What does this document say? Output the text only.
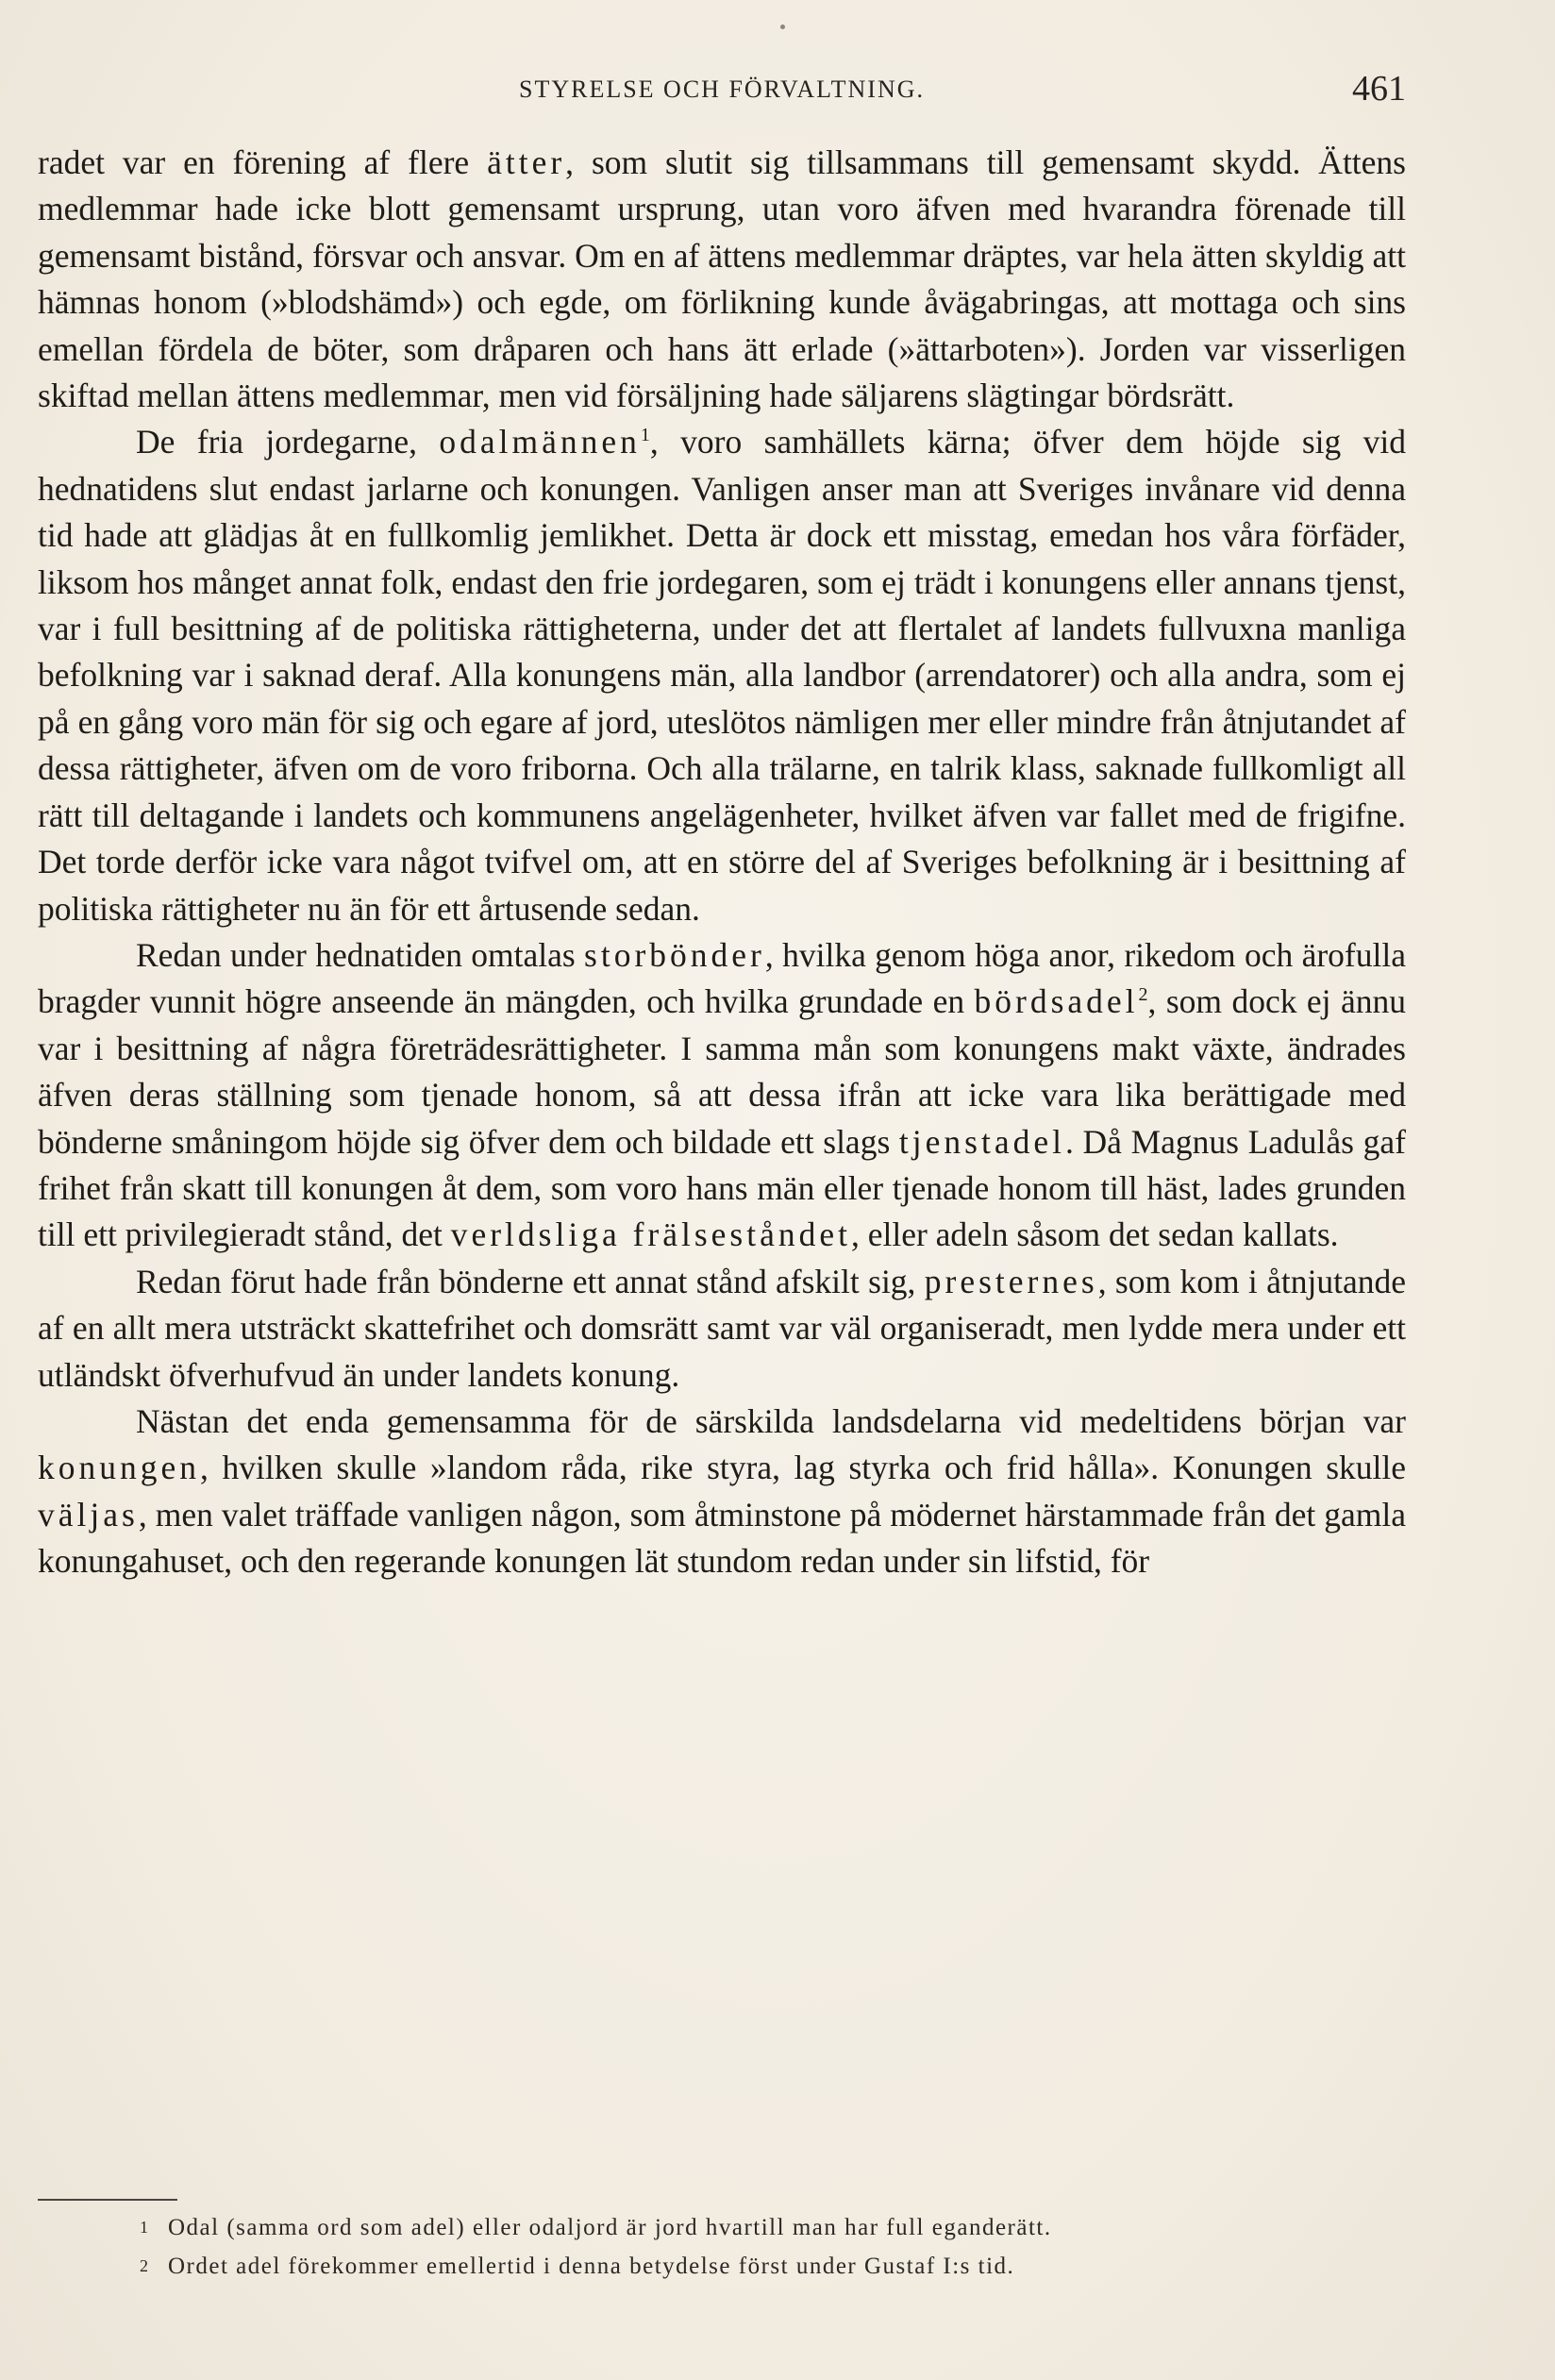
STYRELSE OCH FÖRVALTNING.	461

radet var en förening af flere ätter, som slutit sig tillsammans till gemensamt skydd. Ättens medlemmar hade icke blott gemensamt ursprung, utan voro äfven med hvarandra förenade till gemensamt bistånd, försvar och ansvar. Om en af ättens medlemmar dräptes, var hela ätten skyldig att hämnas honom (»blodshämd») och egde, om förlikning kunde åvägabringas, att mottaga och sins emellan fördela de böter, som dråparen och hans ätt erlade (»ättarboten»). Jorden var visserligen skiftad mellan ättens medlemmar, men vid försäljning hade säljarens slägtingar bördsrätt.

De fria jordegarne, odalmännen$^1$, voro samhällets kärna; öfver dem höjde sig vid hednatidens slut endast jarlarne och konungen. Vanligen anser man att Sveriges invånare vid denna tid hade att glädjas åt en fullkomlig jemlikhet. Detta är dock ett misstag, emedan hos våra förfäder, liksom hos månget annat folk, endast den frie jordegaren, som ej trädt i konungens eller annans tjenst, var i full besittning af de politiska rättigheterna, under det att flertalet af landets fullvuxna manliga befolkning var i saknad deraf. Alla konungens män, alla landbor (arrendatorer) och alla andra, som ej på en gång voro män för sig och egare af jord, uteslötos nämligen mer eller mindre från åtnjutandet af dessa rättigheter, äfven om de voro friborna. Och alla trälarne, en talrik klass, saknade fullkomligt all rätt till deltagande i landets och kommunens angelägenheter, hvilket äfven var fallet med de frigifne. Det torde derför icke vara något tvifvel om, att en större del af Sveriges befolkning är i besittning af politiska rättigheter nu än för ett årtusende sedan.

Redan under hednatiden omtalas storbönder, hvilka genom höga anor, rikedom och ärofulla bragder vunnit högre anseende än mängden, och hvilka grundade en bördsadel$^2$, som dock ej ännu var i besittning af några företrädesrättigheter. I samma mån som konungens makt växte, ändrades äfven deras ställning som tjenade honom, så att dessa ifrån att icke vara lika berättigade med bönderne småningom höjde sig öfver dem och bildade ett slags tjenstadel. Då Magnus Ladulås gaf frihet från skatt till konungen åt dem, som voro hans män eller tjenade honom till häst, lades grunden till ett privilegieradt stånd, det verldsliga frälseståndet, eller adeln såsom det sedan kallats.

Redan förut hade från bönderne ett annat stånd afskilt sig, presternes, som kom i åtnjutande af en allt mera utsträckt skattefrihet och domsrätt samt var väl organiseradt, men lydde mera under ett utländskt öfverhufvud än under landets konung.

Nästan det enda gemensamma för de särskilda landsdelarna vid medeltidens början var konungen, hvilken skulle »landom råda, rike styra, lag styrka och frid hålla». Konungen skulle väljas, men valet träffade vanligen någon, som åtminstone på mödernet härstammade från det gamla konungahuset, och den regerande konungen lät stundom redan under sin lifstid, för

1 Odal (samma ord som adel) eller odaljord är jord hvartill man har full eganderätt.
2 Ordet adel förekommer emellertid i denna betydelse först under Gustaf I:s tid.
